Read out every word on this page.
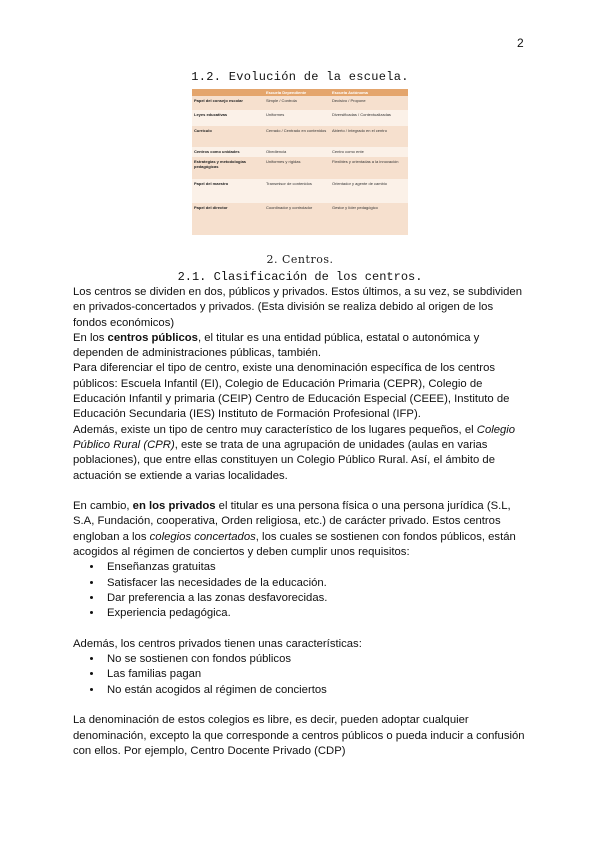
2
1.2. Evolución de la escuela.
	Escuela Dependiente	Escuela Autónoma
Papel del consejo escolar	Simple / Controla	Decisivo / Propone
Leyes educativas	Uniformes	Diversificadas / Contextualizadas
Currículo	Cerrado / Centrado en contenidos	Abierto / Integrado en el centro
Centros como unidades	Obediencia	Centro como ente
Estrategias y metodologías pedagógicas	Uniformes y rígidas	Flexibles y orientadas a la innovación
Papel del maestro	Transmisor de contenidos	Orientador y agente de cambio
Papel del director	Coordinador y controlador	Gestor y líder pedagógico
2. Centros.
2.1. Clasificación de los centros.

Los centros se dividen en dos, públicos y privados. Estos últimos, a su vez, se subdividen en privados-concertados y privados. (Esta división se realiza debido al origen de los fondos económicos)

En los centros públicos, el titular es una entidad pública, estatal o autonómica y dependen de administraciones públicas, también.

Para diferenciar el tipo de centro, existe una denominación específica de los centros públicos: Escuela Infantil (EI), Colegio de Educación Primaria (CEPR), Colegio de Educación Infantil y primaria (CEIP) Centro de Educación Especial (CEEE), Instituto de Educación Secundaria (IES) Instituto de Formación Profesional (IFP).

Además, existe un tipo de centro muy característico de los lugares pequeños, el Colegio Público Rural (CPR), este se trata de una agrupación de unidades (aulas en varias poblaciones), que entre ellas constituyen un Colegio Público Rural. Así, el ámbito de actuación se extiende a varias localidades.

En cambio, en los privados el titular es una persona física o una persona jurídica (S.L, S.A, Fundación, cooperativa, Orden religiosa, etc.) de carácter privado. Estos centros engloban a los colegios concertados, los cuales se sostienen con fondos públicos, están acogidos al régimen de conciertos y deben cumplir unos requisitos:

• Enseñanzas gratuitas
• Satisfacer las necesidades de la educación.
• Dar preferencia a las zonas desfavorecidas.
• Experiencia pedagógica.

Además, los centros privados tienen unas características:

• No se sostienen con fondos públicos
• Las familias pagan
• No están acogidos al régimen de conciertos

La denominación de estos colegios es libre, es decir, pueden adoptar cualquier denominación, excepto la que corresponde a centros públicos o pueda inducir a confusión con ellos. Por ejemplo, Centro Docente Privado (CDP)
